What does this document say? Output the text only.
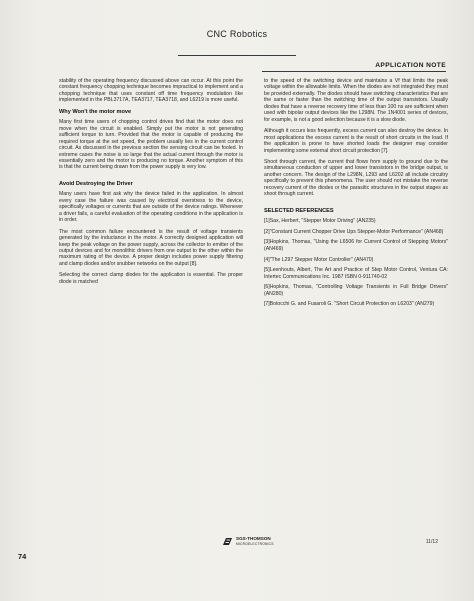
CNC Robotics
APPLICATION NOTE

stability of the operating frequency discussed above can occur. At this point the constant frequency chopping technique becomes impractical to implement and a chopping technique that uses constant off time frequency modulation like implemented in the PBL3717A, TEA3717, TEA3718, and L6219 is more useful.

Why Won't the motor move

Many first time users of chopping control drives find that the motor does not move when the circuit is enabled. Simply put the motor is not generating sufficient torque to turn. Provided that the motor is capable of producing the required torque at the set speed, the problem usually lies in the current control circuit. As discussed in the previous section the sensing circuit can be fooled. In extreme cases the noise is so large that the actual current through the motor is essentially zero and the motor is producing no torque. Another symptom of this is that the current being drawn from the power supply is very low.

Avoid Destroying the Driver

Many users have first ask why the device failed in the application. In almost every case the failure was caused by electrical overstress to the device, specifically voltages or currents that are outside of the device ratings. Whenever a driver fails, a careful evaluation of the operating conditions in the application is in order.

The most common failure encountered is the result of voltage transients generated by the inductance in the motor. A correctly designed application will keep the peak voltage on the power supply, across the collector to emitter of the output devices and for monolithic drivers from one output to the other within the maximum rating of the device. A proper design includes power supply filtering and clamp diodes and/or snubber networks on the output [8].

Selecting the correct clamp diodes for the application is essential. The proper diode is matched

to the speed of the switching device and maintains a Vf that limits the peak voltage within the allowable limits. When the diodes are not integrated they must be provided externally. The diodes should have switching characteristics that are the same or faster than the switching time of the output transistors. Usually diodes that have a reverse recovery time of less than 100 ns are sufficient when used with bipolar output devices like the L298N. The 1N4001 series of devices, for example, is not a good selection because it is a slow diode.

Although it occurs less frequently, excess current can also destroy the device. In most applications the excess current is the result of short circuits in the load. If the application is prone to have shorted loads the designer may consider implementing some external short circuit protection [7].

Shoot through current, the current that flows from supply to ground due to the simultaneous conduction of upper and lower transistors in the bridge output, is another concern. The design of the L298N, L293 and L6202 all include circuitry specifically to prevent this phenomena. The user should not mistake the reverse recovery current of the diodes or the parasitic structures in the output stages as shoot through current.

SELECTED REFERENCES
[1]Sax, Herbert, "Stepper Motor Driving" (AN235)
[2]"Constant Current Chopper Drive Ups Stepper-Motor Performance" (AN468)
[3]Hopkins, Thomas, "Using the L6506 for Current Control of Stepping Motors" (AN469)
[4]"The L297 Stepper Motor Controller" (AN470)
[5]Leenhouts, Albert, The Art and Practice of Step Motor Control, Ventura CA: Intertec Communications Inc. 1987 ISBN 0-911740-02
[6]Hopkins, Thomas, "Controlling Voltage Transients in Full Bridge Drivers" (AN280)
[7]Botocchi G. and Fusaroli G. "Short Circuit Protection on L6203" (AN279)
SGS-THOMSON
MICROELECTRONICS	11/12
74
